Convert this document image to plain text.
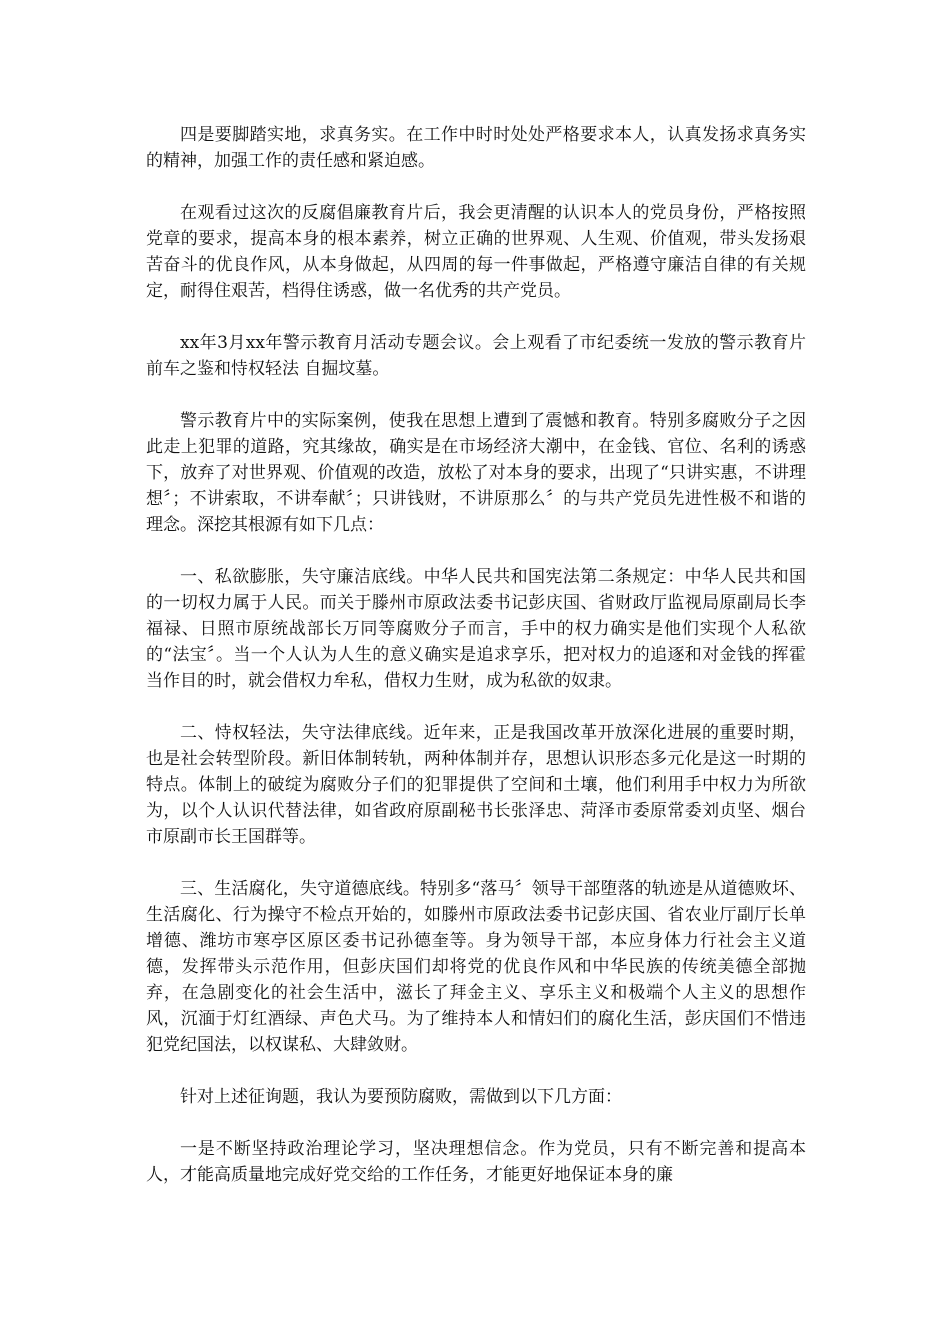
四是要脚踏实地，求真务实。在工作中时时处处严格要求本人，认真发扬求真务实的精神，加强工作的责任感和紧迫感。

在观看过这次的反腐倡廉教育片后，我会更清醒的认识本人的党员身份，严格按照党章的要求，提高本身的根本素养，树立正确的世界观、人生观、价值观，带头发扬艰苦奋斗的优良作风，从本身做起，从四周的每一件事做起，严格遵守廉洁自律的有关规定，耐得住艰苦，档得住诱惑，做一名优秀的共产党员。

xx年3月xx年警示教育月活动专题会议。会上观看了市纪委统一发放的警示教育片前车之鉴和恃权轻法 自掘坟墓。

警示教育片中的实际案例，使我在思想上遭到了震憾和教育。特别多腐败分子之因此走上犯罪的道路，究其缘故，确实是在市场经济大潮中，在金钱、官位、名利的诱惑下，放弃了对世界观、价值观的改造，放松了对本身的要求，出现了“只讲实惠，不讲理想〞；不讲索取，不讲奉献〞；只讲钱财，不讲原那么〞的与共产党员先进性极不和谐的理念。深挖其根源有如下几点：

一、私欲膨胀，失守廉洁底线。中华人民共和国宪法第二条规定：中华人民共和国的一切权力属于人民。而关于滕州市原政法委书记彭庆国、省财政厅监视局原副局长李福禄、日照市原统战部长万同等腐败分子而言，手中的权力确实是他们实现个人私欲的“法宝〞。当一个人认为人生的意义确实是追求享乐，把对权力的追逐和对金钱的挥霍当作目的时，就会借权力牟私，借权力生财，成为私欲的奴隶。

二、恃权轻法，失守法律底线。近年来，正是我国改革开放深化进展的重要时期，也是社会转型阶段。新旧体制转轨，两种体制并存，思想认识形态多元化是这一时期的特点。体制上的破绽为腐败分子们的犯罪提供了空间和土壤，他们利用手中权力为所欲为，以个人认识代替法律，如省政府原副秘书长张泽忠、菏泽市委原常委刘贞坚、烟台市原副市长王国群等。

三、生活腐化，失守道德底线。特别多“落马〞领导干部堕落的轨迹是从道德败坏、生活腐化、行为操守不检点开始的，如滕州市原政法委书记彭庆国、省农业厅副厅长单增德、潍坊市寒亭区原区委书记孙德奎等。身为领导干部，本应身体力行社会主义道德，发挥带头示范作用，但彭庆国们却将党的优良作风和中华民族的传统美德全部抛弃，在急剧变化的社会生活中，滋长了拜金主义、享乐主义和极端个人主义的思想作风，沉湎于灯红酒绿、声色犬马。为了维持本人和情妇们的腐化生活，彭庆国们不惜违犯党纪国法，以权谋私、大肆敛财。

针对上述征询题，我认为要预防腐败，需做到以下几方面：

一是不断坚持政治理论学习，坚决理想信念。作为党员，只有不断完善和提高本人，才能高质量地完成好党交给的工作任务，才能更好地保证本身的廉
